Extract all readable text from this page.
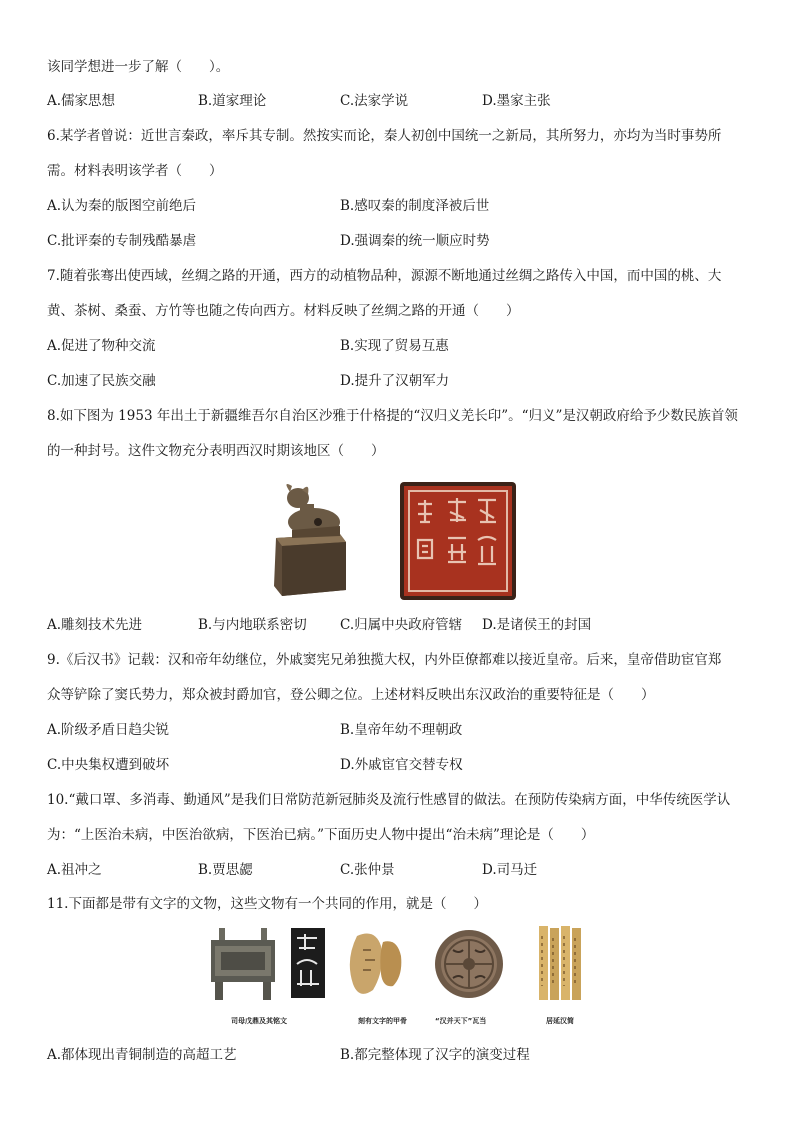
该同学想进一步了解（　　）。
A.儒家思想	B.道家理论	C.法家学说	D.墨家主张
6.某学者曾说：近世言秦政，率斥其专制。然按实而论，秦人初创中国统一之新局，其所努力，亦均为当时事势所
需。材料表明该学者（　　）
A.认为秦的版图空前绝后	B.感叹秦的制度泽被后世
C.批评秦的专制残酷暴虐	D.强调秦的统一顺应时势
7.随着张骞出使西域，丝绸之路的开通，西方的动植物品种，源源不断地通过丝绸之路传入中国，而中国的桃、大
黄、茶树、桑蚕、方竹等也随之传向西方。材料反映了丝绸之路的开通（　　）
A.促进了物种交流	B.实现了贸易互惠
C.加速了民族交融	D.提升了汉朝军力
8.如下图为 1953 年出土于新疆维吾尔自治区沙雅于什格提的“汉归义羌长印”。“归义”是汉朝政府给予少数民族首领
的一种封号。这件文物充分表明西汉时期该地区（　　）
A.雕刻技术先进	B.与内地联系密切 C.归属中央政府管辖 D.是诸侯王的封国
9.《后汉书》记载：汉和帝年幼继位，外戚窦宪兄弟独揽大权，内外臣僚都难以接近皇帝。后来，皇帝借助宦官郑
众等铲除了窦氏势力，郑众被封爵加官，登公卿之位。上述材料反映出东汉政治的重要特征是（　　）
A.阶级矛盾日趋尖锐	B.皇帝年幼不理朝政
C.中央集权遭到破坏	D.外戚宦官交替专权
10.“戴口罩、多消毒、勤通风”是我们日常防范新冠肺炎及流行性感冒的做法。在预防传染病方面，中华传统医学认
为：“上医治未病，中医治欲病，下医治已病。”下面历史人物中提出“治未病”理论是（　　）
A.祖冲之	B.贾思勰	C.张仲景	D.司马迁
11.下面都是带有文字的文物，这些文物有一个共同的作用，就是（　　）
司母戊鼎及其铭文	刻有文字的甲骨	“汉并天下”瓦当	居延汉简
A.都体现出青铜制造的高超工艺	B.都完整体现了汉字的演变过程
